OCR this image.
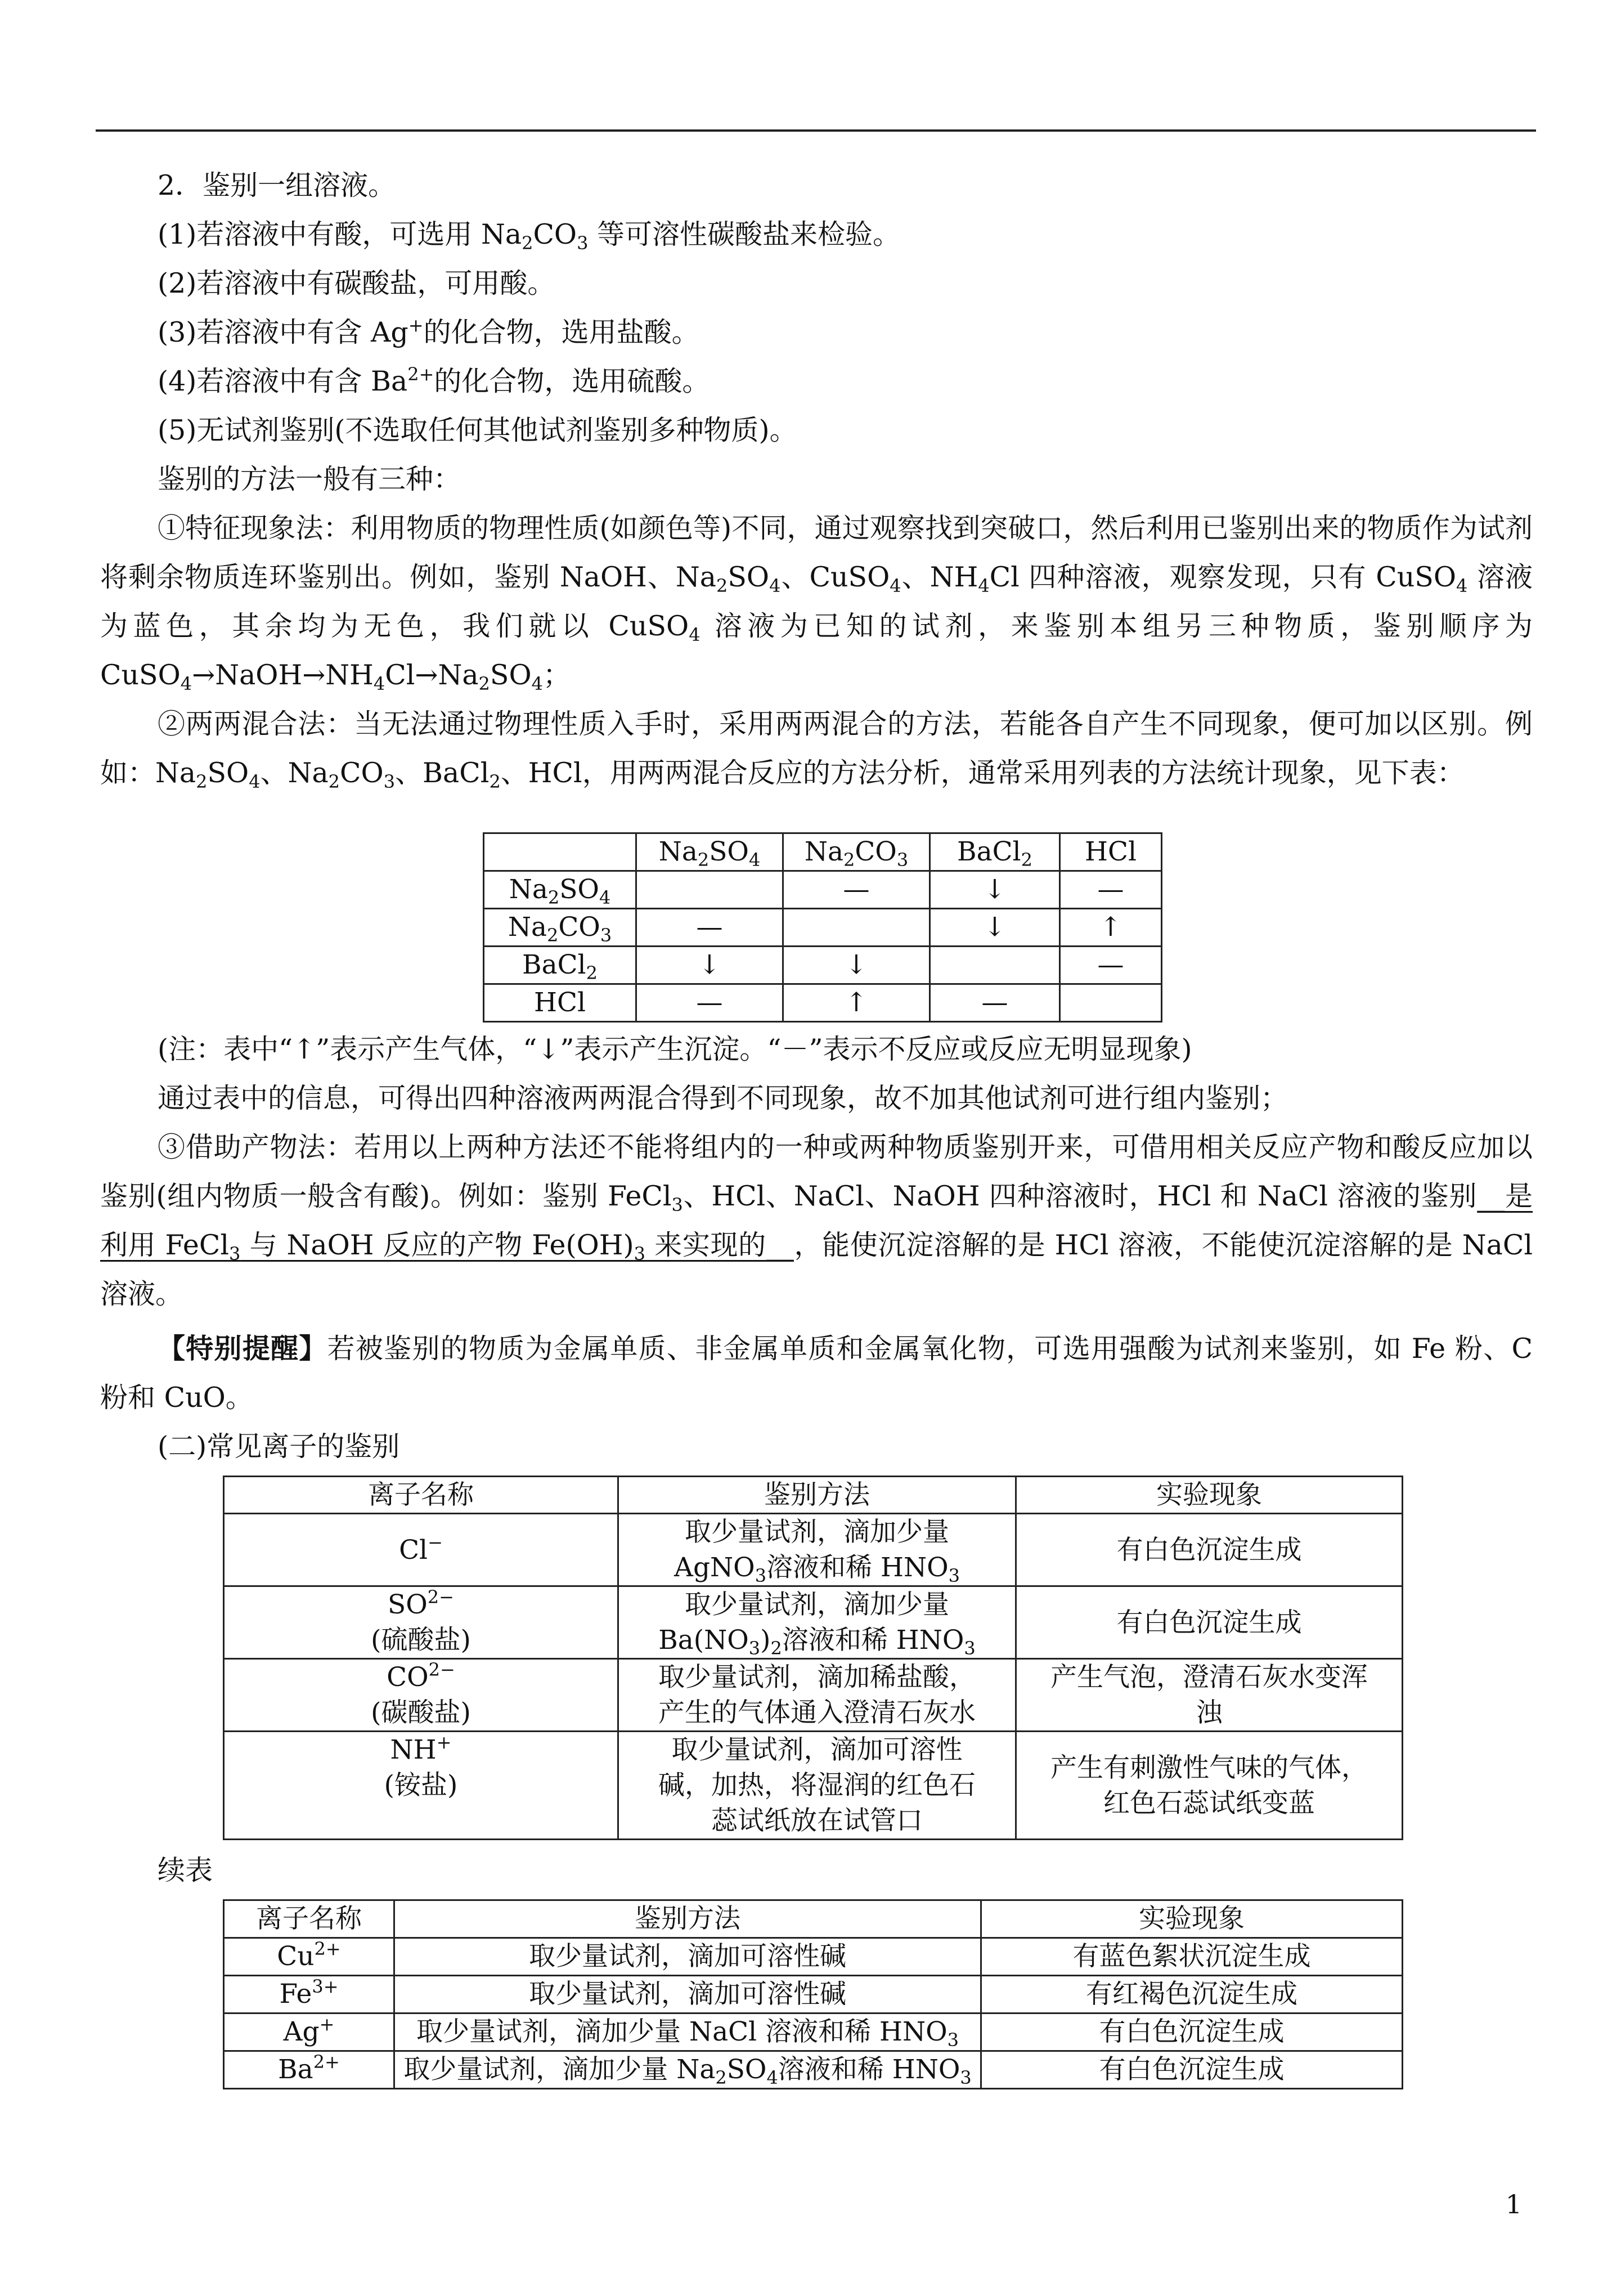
2．鉴别一组溶液。

(1)若溶液中有酸，可选用 $Na_2CO_3$ 等可溶性碳酸盐来检验。

(2)若溶液中有碳酸盐，可用酸。

(3)若溶液中有含 Ag+的化合物，选用盐酸。

(4)若溶液中有含 $Ba^{2+}$的化合物，选用硫酸。

(5)无试剂鉴别(不选取任何其他试剂鉴别多种物质)。

鉴别的方法一般有三种：

①特征现象法：利用物质的物理性质(如颜色等)不同，通过观察找到突破口，然后利用已鉴别出来的物质作为试剂将剩余物质连环鉴别出。例如，鉴别 NaOH、$Na_2SO_4$、CuSO$_4$、$NH_4Cl$ 四种溶液，观察发现，只有 CuSO$_4$ 溶液为蓝色，其余均为无色，我们就以 CuSO$_4$ 溶液为已知的试剂，来鉴别本组另三种物质，鉴别顺序为 $CuSO_4\to NaOH\to NH_4Cl\to Na_2SO_4$；

②两两混合法：当无法通过物理性质入手时，采用两两混合的方法，若能各自产生不同现象，便可加以区别。例如：$Na_2SO_4$、$Na_2CO_3$、BaCl$_2$、HCl，用两两混合反应的方法分析，通常采用列表的方法统计现象，见下表：

	$Na_2SO_4$	$Na_2CO_3$	BaCl$_2$	HCl
$Na_2SO_4$		—	↓	—
$Na_2CO_3$	—		↓	↑
BaCl$_2$	↓	↓		—
HCl	—	↑	—	

(注：表中“↑”表示产生气体，“↓”表示产生沉淀。“－”表示不反应或反应无明显现象)

通过表中的信息，可得出四种溶液两两混合得到不同现象，故不加其他试剂可进行组内鉴别；

③借助产物法：若用以上两种方法还不能将组内的一种或两种物质鉴别开来，可借用相关反应产物和酸反应加以鉴别(组内物质一般含有酸)。例如：鉴别 FeCl$_3$、HCl、NaCl、NaOH 四种溶液时，HCl 和 NaCl 溶液的鉴别__是利用 FeCl$_3$ 与 NaOH 反应的产物 $Fe(OH)_3$ 来实现的__，能使沉淀溶解的是 HCl 溶液，不能使沉淀溶解的是 NaCl 溶液。

【特别提醒】若被鉴别的物质为金属单质、非金属单质和金属氧化物，可选用强酸为试剂来鉴别，如 Fe 粉、C 粉和 CuO。

(二)常见离子的鉴别

离子名称	鉴别方法	实验现象
Cl−	取少量试剂，滴加少量
AgNO$_3$溶液和稀 $HNO_3$	有白色沉淀生成
$SO^{2-}$
(硫酸盐)	取少量试剂，滴加少量
$Ba(NO_3)_2$溶液和稀 $HNO_3$	有白色沉淀生成
$CO^{2-}$
(碳酸盐)	取少量试剂，滴加稀盐酸，
产生的气体通入澄清石灰水	产生气泡，澄清石灰水变浑
浊
NH+
(铵盐)	取少量试剂，滴加可溶性
碱，加热，将湿润的红色石
蕊试纸放在试管口	产生有刺激性气味的气体，
红色石蕊试纸变蓝

续表

离子名称	鉴别方法	实验现象
$Cu^{2+}$	取少量试剂，滴加可溶性碱	有蓝色絮状沉淀生成
$Fe^{3+}$	取少量试剂，滴加可溶性碱	有红褐色沉淀生成
Ag+	取少量试剂，滴加少量 NaCl 溶液和稀 $HNO_3$	有白色沉淀生成
$Ba^{2+}$	取少量试剂，滴加少量 $Na_2SO_4$溶液和稀 $HNO_3$	有白色沉淀生成
1
